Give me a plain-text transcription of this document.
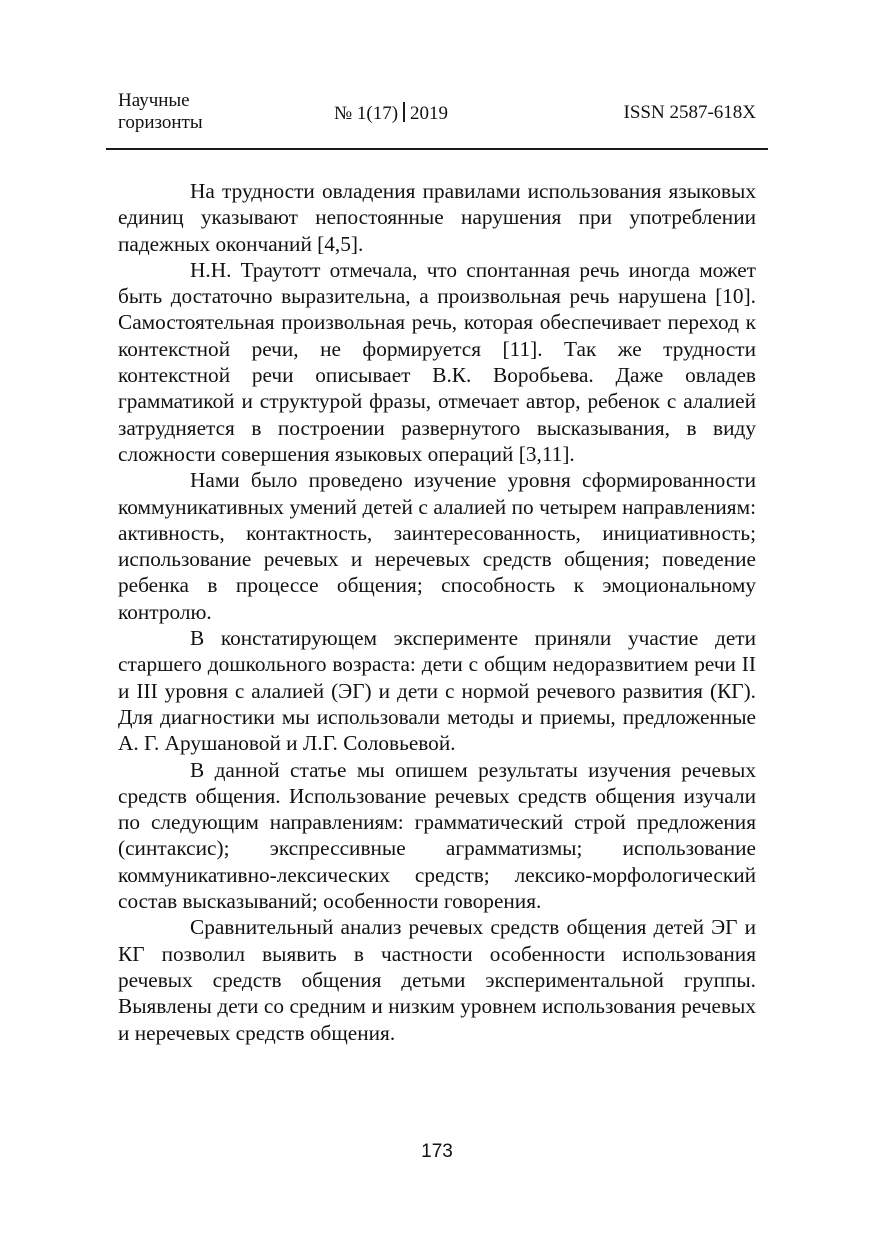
Научные
горизонты	№ 1(17) 2019	ISSN 2587-618X

На трудности овладения правилами использования языковых единиц указывают непостоянные нарушения при употреблении падежных окончаний [4,5].

Н.Н. Траутотт отмечала, что спонтанная речь иногда может быть достаточно выразительна, а произвольная речь нарушена [10]. Самостоятельная произвольная речь, которая обеспечивает переход к контекстной речи, не формируется [11]. Так же трудности контекстной речи описывает В.К. Воробьева. Даже овладев грамматикой и структурой фразы, отмечает автор, ребенок с алалией затрудняется в построении развернутого высказывания, в виду сложности совершения языковых операций [3,11].

Нами было проведено изучение уровня сформированности коммуникативных умений детей с алалией по четырем направлениям: активность, контактность, заинтересованность, инициативность; использование речевых и неречевых средств общения; поведение ребенка в процессе общения; способность к эмоциональному контролю.

В констатирующем эксперименте приняли участие дети старшего дошкольного возраста: дети с общим недоразвитием речи II и III уровня с алалией (ЭГ) и дети с нормой речевого развития (КГ). Для диагностики мы использовали методы и приемы, предложенные А. Г. Арушановой и Л.Г. Соловьевой.

В данной статье мы опишем результаты изучения речевых средств общения. Использование речевых средств общения изучали по следующим направлениям: грамматический строй предложения (синтаксис); экспрессивные аграмматизмы; использование коммуникативно-лексических средств; лексико-морфологический состав высказываний; особенности говорения.

Сравнительный анализ речевых средств общения детей ЭГ и КГ позволил выявить в частности особенности использования речевых средств общения детьми экспериментальной группы. Выявлены дети со средним и низким уровнем использования речевых и неречевых средств общения.

173
